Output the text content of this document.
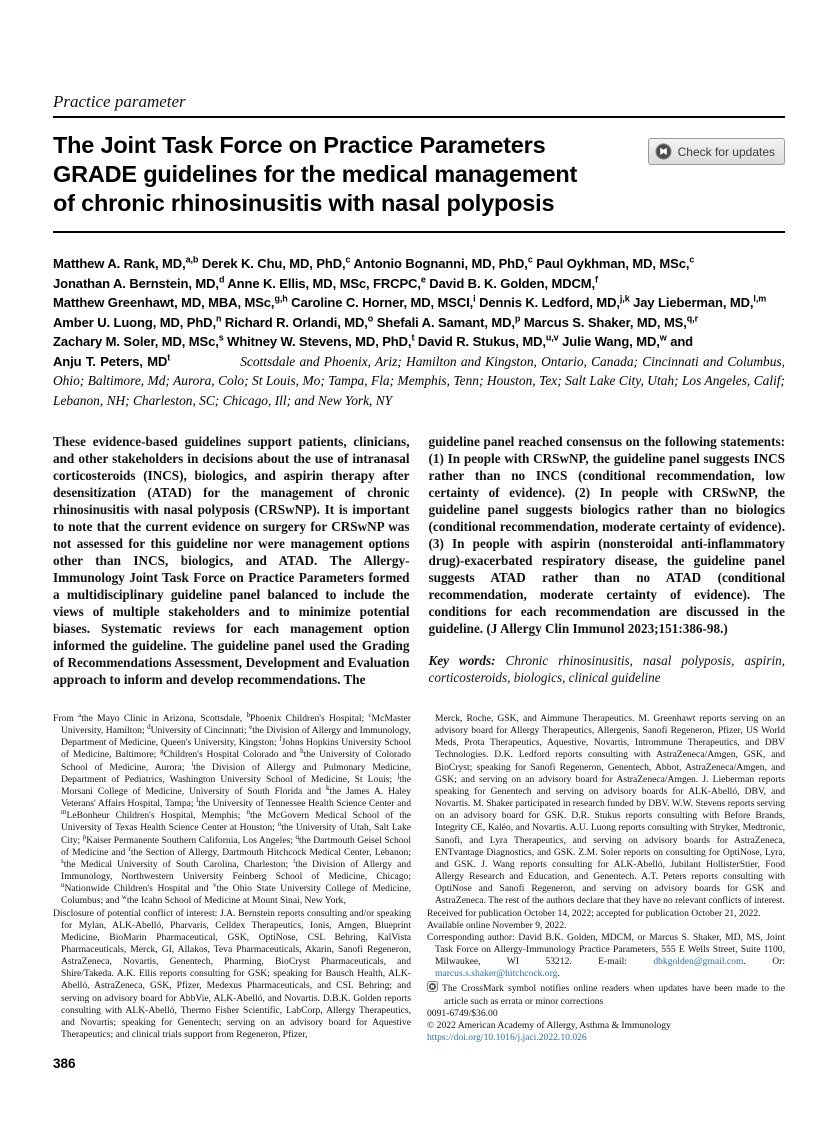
Practice parameter
The Joint Task Force on Practice Parameters
GRADE guidelines for the medical management
of chronic rhinosinusitis with nasal polyposis
Check for updates
Matthew A. Rank, MD,$^{a,b}$ Derek K. Chu, MD, PhD,$^c$ Antonio Bognanni, MD, PhD,$^c$ Paul Oykhman, MD, MSc,$^c$
Jonathan A. Bernstein, MD,$^d$ Anne K. Ellis, MD, MSc, FRCPC,$^e$ David B. K. Golden, MDCM,$^f$
Matthew Greenhawt, MD, MBA, MSc,$^{g,h}$ Caroline C. Horner, MD, MSCI,$^i$ Dennis K. Ledford, MD,$^{j,k}$ Jay Lieberman, MD,$^{l,m}$
Amber U. Luong, MD, PhD,$^n$ Richard R. Orlandi, MD,$^o$ Shefali A. Samant, MD,$^p$ Marcus S. Shaker, MD, MS,$^{q,r}$
Zachary M. Soler, MD, MSc,$^s$ Whitney W. Stevens, MD, PhD,$^t$ David R. Stukus, MD,$^{u,v}$ Julie Wang, MD,$^w$ and
Anju T. Peters, $MD^t$	Scottsdale and Phoenix, Ariz; Hamilton and Kingston, Ontario, Canada; Cincinnati and Columbus, Ohio; Baltimore, Md; Aurora, Colo; St Louis, Mo; Tampa, Fla; Memphis, Tenn; Houston, Tex; Salt Lake City, Utah; Los Angeles, Calif; Lebanon, NH; Charleston, SC; Chicago, Ill; and New York, NY

These evidence-based guidelines support patients, clinicians, and other stakeholders in decisions about the use of intranasal corticosteroids (INCS), biologics, and aspirin therapy after desensitization (ATAD) for the management of chronic rhinosinusitis with nasal polyposis (CRSwNP). It is important to note that the current evidence on surgery for CRSwNP was not assessed for this guideline nor were management options other than INCS, biologics, and ATAD. The Allergy-Immunology Joint Task Force on Practice Parameters formed a multidisciplinary guideline panel balanced to include the views of multiple stakeholders and to minimize potential biases. Systematic reviews for each management option informed the guideline. The guideline panel used the Grading of Recommendations Assessment, Development and Evaluation approach to inform and develop recommendations. The

guideline panel reached consensus on the following statements: (1) In people with CRSwNP, the guideline panel suggests INCS rather than no INCS (conditional recommendation, low certainty of evidence). (2) In people with CRSwNP, the guideline panel suggests biologics rather than no biologics (conditional recommendation, moderate certainty of evidence). (3) In people with aspirin (nonsteroidal anti-inflammatory drug)-exacerbated respiratory disease, the guideline panel suggests ATAD rather than no ATAD (conditional recommendation, moderate certainty of evidence). The conditions for each recommendation are discussed in the guideline. (J Allergy Clin Immunol 2023;151:386-98.)

Key words: Chronic rhinosinusitis, nasal polyposis, aspirin, corticosteroids, biologics, clinical guideline

From $^a$the Mayo Clinic in Arizona, Scottsdale, $^b$Phoenix Children's Hospital; $^c$McMaster University, Hamilton; $^d$University of Cincinnati; $^e$the Division of Allergy and Immunology, Department of Medicine, Queen's University, Kingston; $^f$Johns Hopkins University School of Medicine, Baltimore; $^g$Children's Hospital Colorado and $^h$the University of Colorado School of Medicine, Aurora; $^i$the Division of Allergy and Pulmonary Medicine, Department of Pediatrics, Washington University School of Medicine, St Louis; $^j$the Morsani College of Medicine, University of South Florida and $^k$the James A. Haley Veterans' Affairs Hospital, Tampa; $^l$the University of Tennessee Health Science Center and $^m$LeBonheur Children's Hospital, Memphis; $^n$the McGovern Medical School of the University of Texas Health Science Center at Houston; $^o$the University of Utah, Salt Lake City; $^p$Kaiser Permanente Southern California, Los Angeles; $^q$the Dartmouth Geisel School of Medicine and $^r$the Section of Allergy, Dartmouth Hitchcock Medical Center, Lebanon; $^s$the Medical University of South Carolina, Charleston; $^t$the Division of Allergy and Immunology, Northwestern University Feinberg School of Medicine, Chicago; $^u$Nationwide Children's Hospital and $^v$the Ohio State University College of Medicine, Columbus; and $^w$the Icahn School of Medicine at Mount Sinai, New York,

Disclosure of potential conflict of interest: J.A. Bernstein reports consulting and/or speaking for Mylan, ALK-Abelló, Pharvaris, Celldex Therapeutics, Ionis, Amgen, Blueprint Medicine, BioMarin Pharmaceutical, GSK, OptiNose, CSL Behring, KalVista Pharmaceuticals, Merck, GI, Allakos, Teva Pharmaceuticals, Akarin, Sanofi Regeneron, AstraZeneca, Novartis, Genentech, Pharming, BioCryst Pharmaceuticals, and Shire/Takeda. A.K. Ellis reports consulting for GSK; speaking for Bausch Health, ALK-Abelló, AstraZeneca, GSK, Pfizer, Medexus Pharmaceuticals, and CSL Behring; and serving on advisory board for AbbVie, ALK-Abelló, and Novartis. D.B.K. Golden reports consulting with ALK-Abelló, Thermo Fisher Scientific, LabCorp, Allergy Therapeutics, and Novartis; speaking for Genentech; serving on an advisory board for Aquestive Therapeutics; and clinical trials support from Regeneron, Pfizer,

Merck, Roche, GSK, and Aimmune Therapeutics. M. Greenhawt reports serving on an advisory board for Allergy Therapeutics, Allergenis, Sanofi Regeneron, Pfizer, US World Meds, Prota Therapeutics, Aquestive, Novartis, Intrommune Therapeutics, and DBV Technologies. D.K. Ledford reports consulting with AstraZeneca/Amgen, GSK, and BioCryst; speaking for Sanofi Regeneron, Genentech, Abbot, AstraZeneca/Amgen, and GSK; and serving on an advisory board for AstraZeneca/Amgen. J. Lieberman reports speaking for Genentech and serving on advisory boards for ALK-Abelló, DBV, and Novartis. M. Shaker participated in research funded by DBV. W.W. Stevens reports serving on an advisory board for GSK. D.R. Stukus reports consulting with Before Brands, Integrity CE, Kaléo, and Novartis. A.U. Luong reports consulting with Stryker, Medtronic, Sanofi, and Lyra Therapeutics, and serving on advisory boards for AstraZeneca, ENTvantage Diagnostics, and GSK. Z.M. Soler reports on consulting for OptiNose, Lyra, and GSK. J. Wang reports consulting for ALK-Abelló, Jubilant HollisterStier, Food Allergy Research and Education, and Genentech. A.T. Peters reports consulting with OptiNose and Sanofi Regeneron, and serving on advisory boards for GSK and AstraZeneca. The rest of the authors declare that they have no relevant conflicts of interest.

Received for publication October 14, 2022; accepted for publication October 21, 2022.

Available online November 9, 2022.

Corresponding author: David B.K. Golden, MDCM, or Marcus S. Shaker, MD, MS, Joint Task Force on Allergy-Immunology Practice Parameters, 555 E Wells Street, Suite 1100, Milwaukee, WI 53212. E-mail: dbkgolden@gmail.com. Or: marcus.s.shaker@hitchcock.org.

The CrossMark symbol notifies online readers when updates have been made to the article such as errata or minor corrections

0091-6749/$36.00

© 2022 American Academy of Allergy, Asthma & Immunology

https://doi.org/10.1016/j.jaci.2022.10.026

386
